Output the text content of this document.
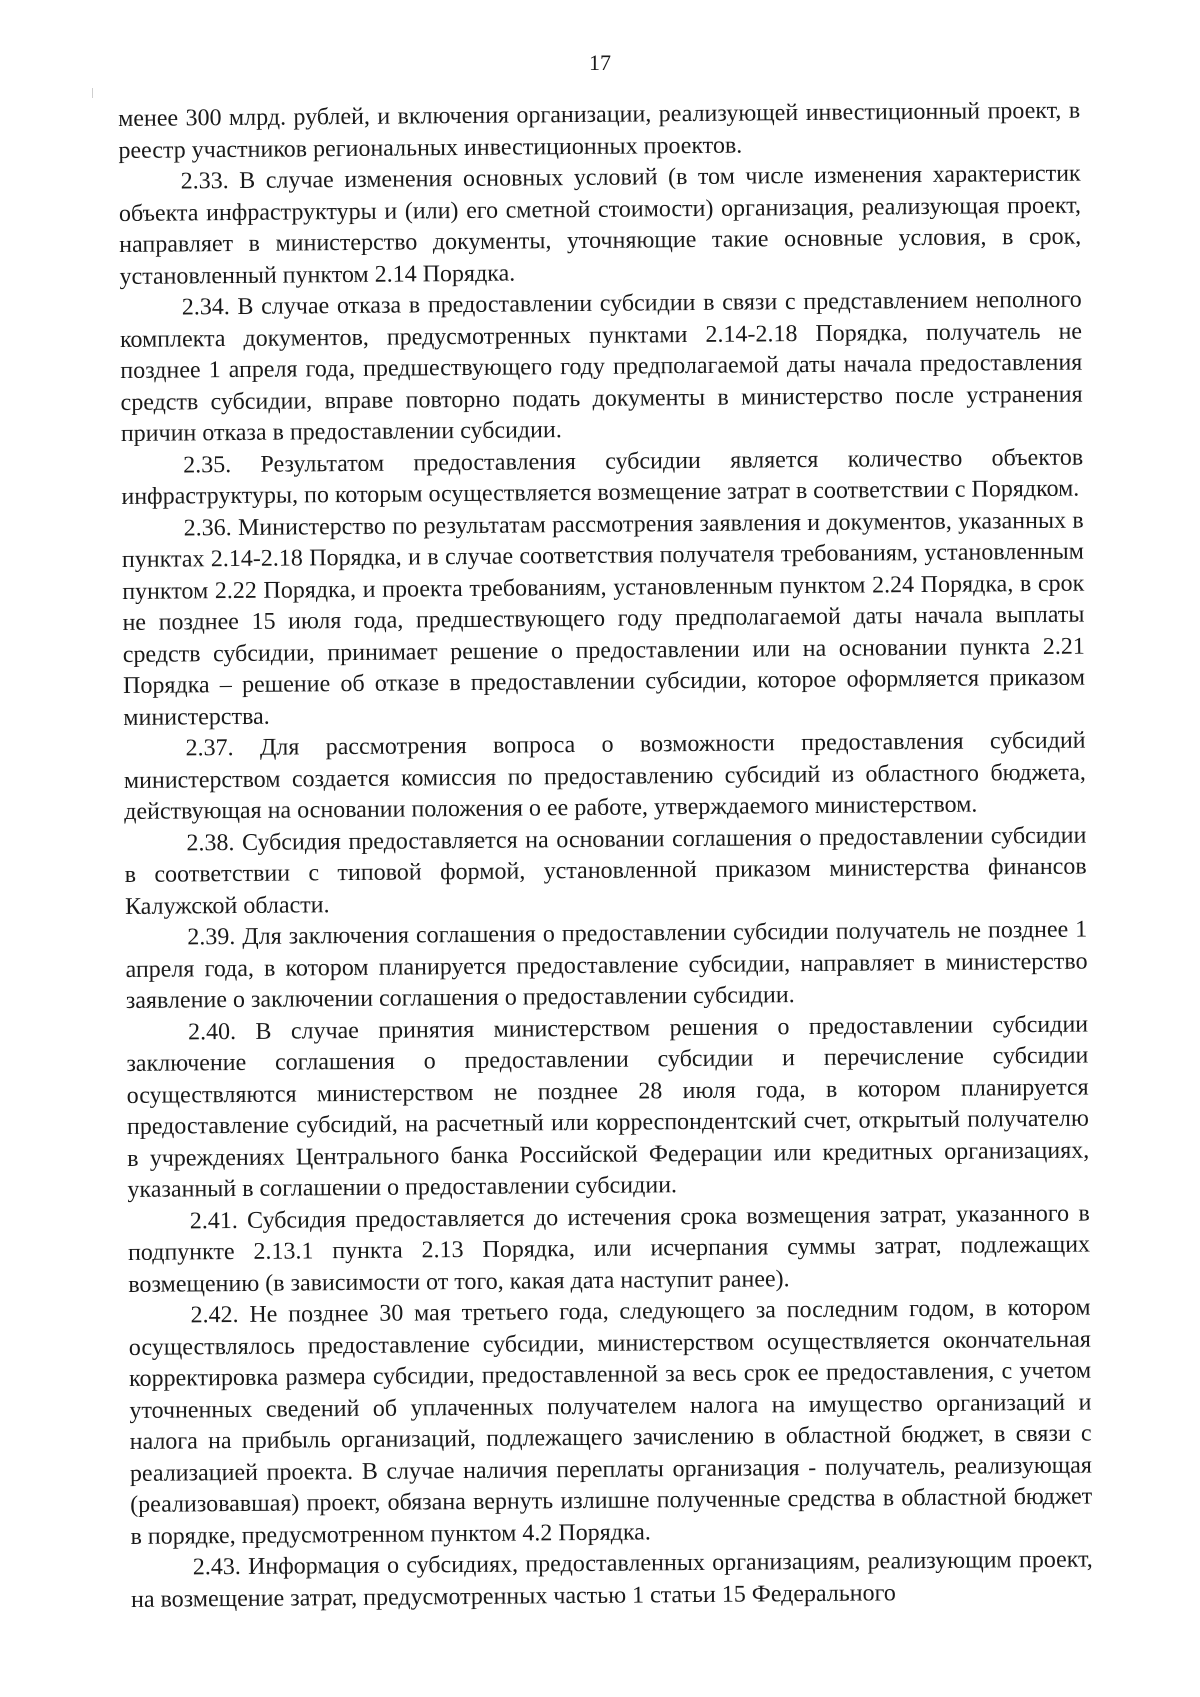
17

менее 300 млрд. рублей, и включения организации, реализующей инвестиционный проект, в реестр участников региональных инвестиционных проектов.

2.33. В случае изменения основных условий (в том числе изменения характеристик объекта инфраструктуры и (или) его сметной стоимости) организация, реализующая проект, направляет в министерство документы, уточняющие такие основные условия, в срок, установленный пунктом 2.14 Порядка.

2.34. В случае отказа в предоставлении субсидии в связи с представлением неполного комплекта документов, предусмотренных пунктами 2.14-2.18 Порядка, получатель не позднее 1 апреля года, предшествующего году предполагаемой даты начала предоставления средств субсидии, вправе повторно подать документы в министерство после устранения причин отказа в предоставлении субсидии.

2.35. Результатом предоставления субсидии является количество объектов инфраструктуры, по которым осуществляется возмещение затрат в соответствии с Порядком.

2.36. Министерство по результатам рассмотрения заявления и документов, указанных в пунктах 2.14-2.18 Порядка, и в случае соответствия получателя требованиям, установленным пунктом 2.22 Порядка, и проекта требованиям, установленным пунктом 2.24 Порядка, в срок не позднее 15 июля года, предшествующего году предполагаемой даты начала выплаты средств субсидии, принимает решение о предоставлении или на основании пункта 2.21 Порядка – решение об отказе в предоставлении субсидии, которое оформляется приказом министерства.

2.37. Для рассмотрения вопроса о возможности предоставления субсидий министерством создается комиссия по предоставлению субсидий из областного бюджета, действующая на основании положения о ее работе, утверждаемого министерством.

2.38. Субсидия предоставляется на основании соглашения о предоставлении субсидии в соответствии с типовой формой, установленной приказом министерства финансов Калужской области.

2.39. Для заключения соглашения о предоставлении субсидии получатель не позднее 1 апреля года, в котором планируется предоставление субсидии, направляет в министерство заявление о заключении соглашения о предоставлении субсидии.

2.40. В случае принятия министерством решения о предоставлении субсидии заключение соглашения о предоставлении субсидии и перечисление субсидии осуществляются министерством не позднее 28 июля года, в котором планируется предоставление субсидий, на расчетный или корреспондентский счет, открытый получателю в учреждениях Центрального банка Российской Федерации или кредитных организациях, указанный в соглашении о предоставлении субсидии.

2.41. Субсидия предоставляется до истечения срока возмещения затрат, указанного в подпункте 2.13.1 пункта 2.13 Порядка, или исчерпания суммы затрат, подлежащих возмещению (в зависимости от того, какая дата наступит ранее).

2.42. Не позднее 30 мая третьего года, следующего за последним годом, в котором осуществлялось предоставление субсидии, министерством осуществляется окончательная корректировка размера субсидии, предоставленной за весь срок ее предоставления, с учетом уточненных сведений об уплаченных получателем налога на имущество организаций и налога на прибыль организаций, подлежащего зачислению в областной бюджет, в связи с реализацией проекта. В случае наличия переплаты организация - получатель, реализующая (реализовавшая) проект, обязана вернуть излишне полученные средства в областной бюджет в порядке, предусмотренном пунктом 4.2 Порядка.

2.43. Информация о субсидиях, предоставленных организациям, реализующим проект, на возмещение затрат, предусмотренных частью 1 статьи 15 Федерального
